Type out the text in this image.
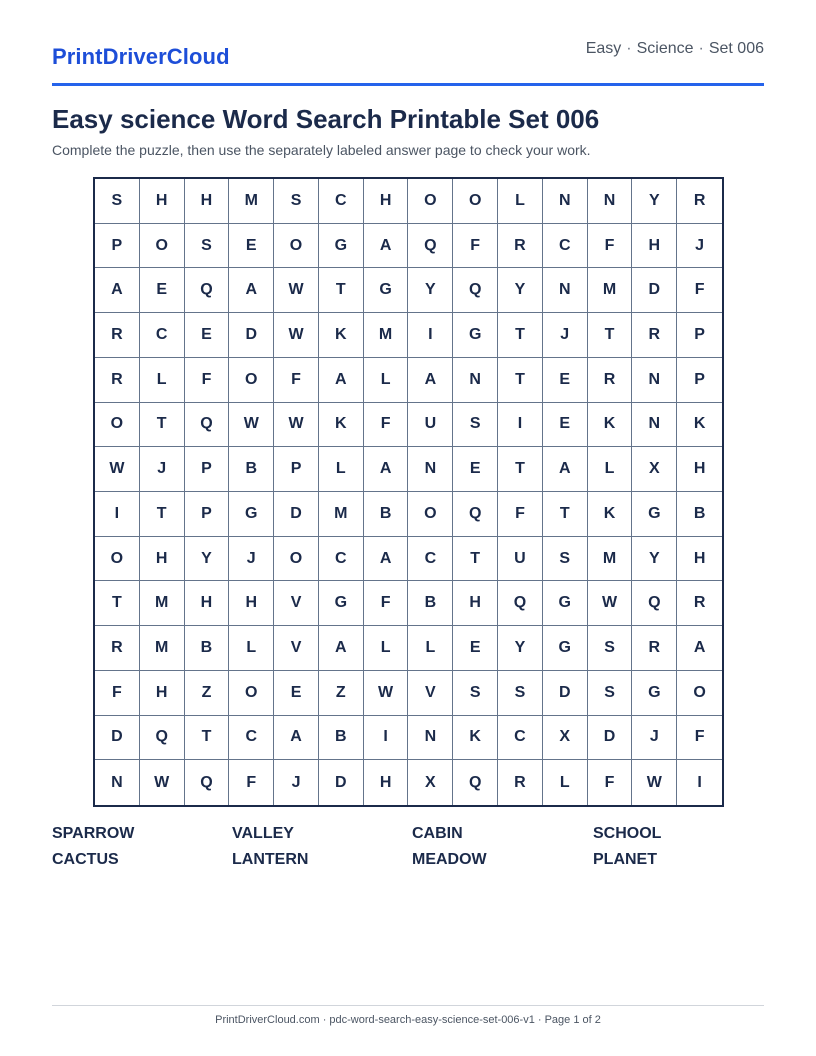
PrintDriverCloud	Easy · Science · Set 006
Easy science Word Search Printable Set 006

Complete the puzzle, then use the separately labeled answer page to check your work.

S	H	H	M	S	C	H	O	O	L	N	N	Y	R
P	O	S	E	O	G	A	Q	F	R	C	F	H	J
A	E	Q	A	W	T	G	Y	Q	Y	N	M	D	F
R	C	E	D	W	K	M	I	G	T	J	T	R	P
R	L	F	O	F	A	L	A	N	T	E	R	N	P
O	T	Q	W	W	K	F	U	S	I	E	K	N	K
W	J	P	B	P	L	A	N	E	T	A	L	X	H
I	T	P	G	D	M	B	O	Q	F	T	K	G	B
O	H	Y	J	O	C	A	C	T	U	S	M	Y	H
T	M	H	H	V	G	F	B	H	Q	G	W	Q	R
R	M	B	L	V	A	L	L	E	Y	G	S	R	A
F	H	Z	O	E	Z	W	V	S	S	D	S	G	O
D	Q	T	C	A	B	I	N	K	C	X	D	J	F
N	W	Q	F	J	D	H	X	Q	R	L	F	W	I
SPARROW	VALLEY	CABIN	SCHOOL
CACTUS	LANTERN	MEADOW	PLANET
PrintDriverCloud.com · pdc-word-search-easy-science-set-006-v1 · Page 1 of 2
